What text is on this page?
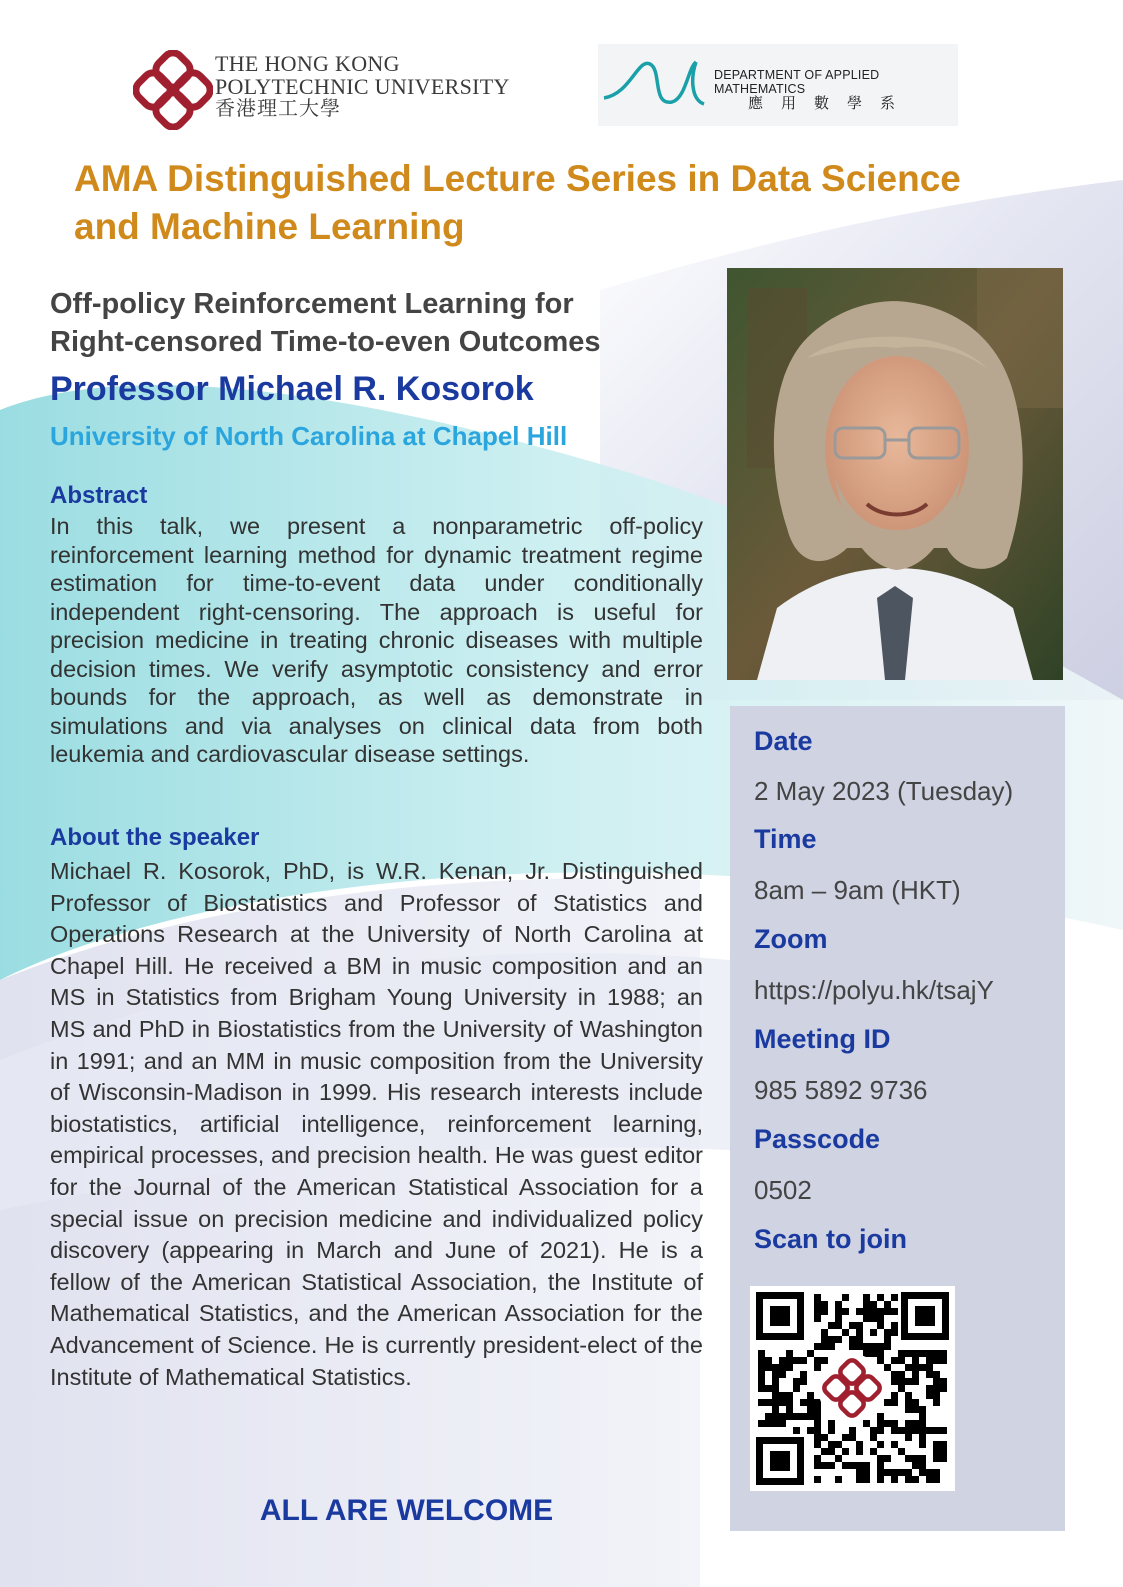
THE HONG KONG
POLYTECHNIC UNIVERSITY
香港理工大學
DEPARTMENT OF APPLIED MATHEMATICS
應用數學系
AMA Distinguished Lecture Series in Data Science and Machine Learning
Off-policy Reinforcement Learning for
Right-censored Time-to-even Outcomes
Professor Michael R. Kosorok
University of North Carolina at Chapel Hill
Abstract
In this talk, we present a nonparametric off-policy reinforcement learning method for dynamic treatment regime estimation for time-to-event data under conditionally independent right-censoring. The approach is useful for precision medicine in treating chronic diseases with multiple decision times. We verify asymptotic consistency and error bounds for the approach, as well as demonstrate in simulations and via analyses on clinical data from both leukemia and cardiovascular disease settings.
About the speaker
Michael R. Kosorok, PhD, is W.R. Kenan, Jr. Distinguished Professor of Biostatistics and Professor of Statistics and Operations Research at the University of North Carolina at Chapel Hill. He received a BM in music composition and an MS in Statistics from Brigham Young University in 1988; an MS and PhD in Biostatistics from the University of Washington in 1991; and an MM in music composition from the University of Wisconsin-Madison in 1999. His research interests include biostatistics, artificial intelligence, reinforcement learning, empirical processes, and precision health. He was guest editor for the Journal of the American Statistical Association for a special issue on precision medicine and individualized policy discovery (appearing in March and June of 2021). He is a fellow of the American Statistical Association, the Institute of Mathematical Statistics, and the American Association for the Advancement of Science. He is currently president-elect of the Institute of Mathematical Statistics.
ALL ARE WELCOME
Date
2 May 2023 (Tuesday)
Time
8am – 9am (HKT)
Zoom
https://polyu.hk/tsajY
Meeting ID
985 5892 9736
Passcode
0502
Scan to join
